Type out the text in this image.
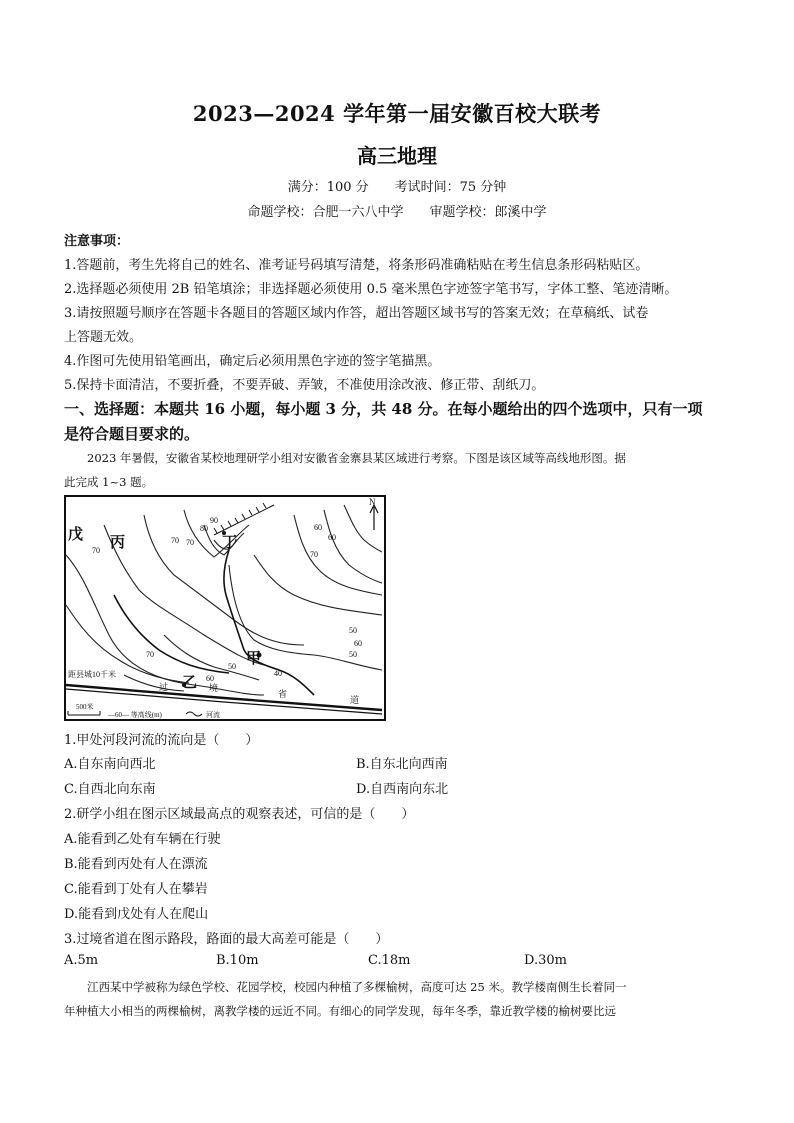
2023—2024 学年第一届安徽百校大联考
高三地理
满分：100 分　　考试时间：75 分钟
命题学校：合肥一六八中学　　审题学校：郎溪中学
注意事项：
1.答题前，考生先将自己的姓名、准考证号码填写清楚，将条形码准确粘贴在考生信息条形码粘贴区。
2.选择题必须使用 2B 铅笔填涂；非选择题必须使用 0.5 毫米黑色字迹签字笔书写，字体工整、笔迹清晰。
3.请按照题号顺序在答题卡各题目的答题区域内作答，超出答题区域书写的答案无效；在草稿纸、试卷
上答题无效。
4.作图可先使用铅笔画出，确定后必须用黑色字迹的签字笔描黑。
5.保持卡面清洁，不要折叠，不要弄破、弄皱，不准使用涂改液、修正带、刮纸刀。
一、选择题：本题共 16 小题，每小题 3 分，共 48 分。在每小题给出的四个选项中，只有一项
是符合题目要求的。
2023 年暑假，安徽省某校地理研学小组对安徽省金寨县某区域进行考察。下图是该区域等高线地形图。据
此完成 1~3 题。
戊 丙	丁
甲
乙
N
70
70 70
80
90
60
60
70
50
60
50
70
50
40
60
距县城10千米
过	境
省
道
500米
—60— 等高线(m)	河流
1.甲处河段河流的流向是（　　）
A.自东南向西北	B.自东北向西南
C.自西北向东南	D.自西南向东北
2.研学小组在图示区域最高点的观察表述，可信的是（　　）
A.能看到乙处有车辆在行驶
B.能看到丙处有人在漂流
C.能看到丁处有人在攀岩
D.能看到戊处有人在爬山
3.过境省道在图示路段，路面的最大高差可能是（　　）
A.5m	B.10m	C.18m	D.30m
江西某中学被称为绿色学校、花园学校，校园内种植了多棵榆树，高度可达 25 米。教学楼南侧生长着同一
年种植大小相当的两棵榆树，离教学楼的远近不同。有细心的同学发现，每年冬季，靠近教学楼的榆树要比远
